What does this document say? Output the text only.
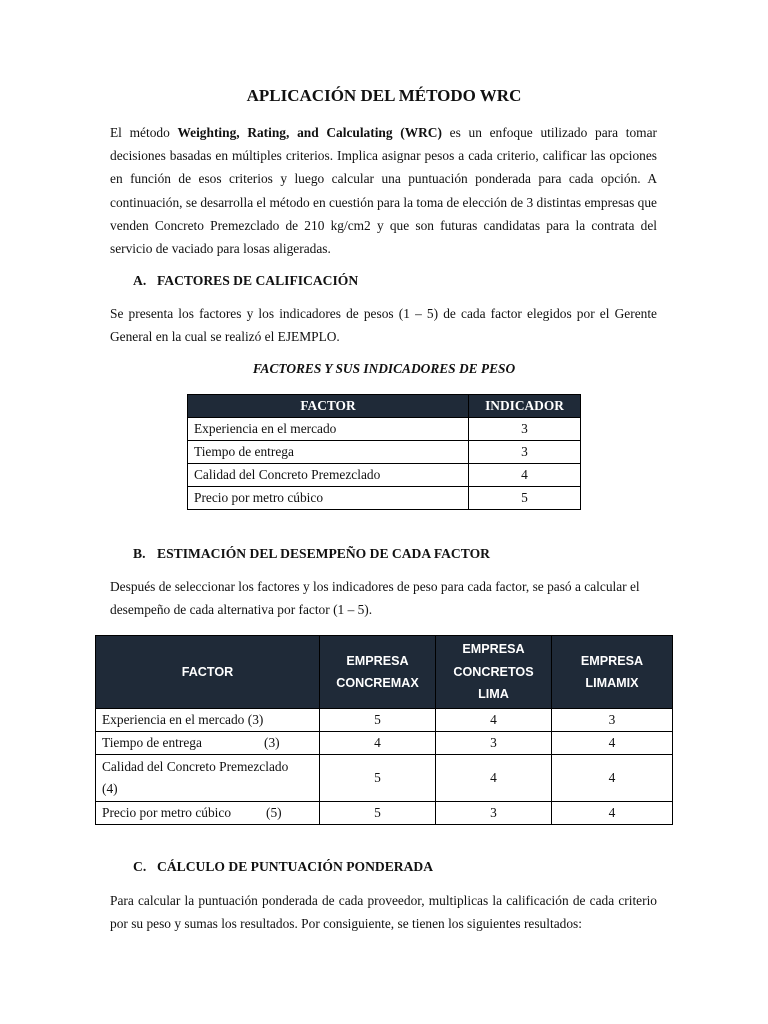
APLICACIÓN DEL MÉTODO WRC

El método Weighting, Rating, and Calculating (WRC) es un enfoque utilizado para tomar decisiones basadas en múltiples criterios. Implica asignar pesos a cada criterio, calificar las opciones en función de esos criterios y luego calcular una puntuación ponderada para cada opción. A continuación, se desarrolla el método en cuestión para la toma de elección de 3 distintas empresas que venden Concreto Premezclado de 210 kg/cm2 y que son futuras candidatas para la contrata del servicio de vaciado para losas aligeradas.

A. FACTORES DE CALIFICACIÓN

Se presenta los factores y los indicadores de pesos (1 – 5) de cada factor elegidos por el Gerente General en la cual se realizó el EJEMPLO.

FACTORES Y SUS INDICADORES DE PESO
FACTOR	INDICADOR
Experiencia en el mercado	3
Tiempo de entrega	3
Calidad del Concreto Premezclado	4
Precio por metro cúbico	5
B. ESTIMACIÓN DEL DESEMPEÑO DE CADA FACTOR

Después de seleccionar los factores y los indicadores de peso para cada factor, se pasó a calcular el desempeño de cada alternativa por factor (1 – 5).

FACTOR	EMPRESA CONCREMAX	EMPRESA CONCRETOS LIMA	EMPRESA LIMAMIX
Experiencia en el mercado (3)	5	4	3
Tiempo de entrega (3)	4	3	4
Calidad del Concreto Premezclado
(4)	5	4	4
Precio por metro cúbico (5)	5	3	4
C. CÁLCULO DE PUNTUACIÓN PONDERADA

Para calcular la puntuación ponderada de cada proveedor, multiplicas la calificación de cada criterio por su peso y sumas los resultados. Por consiguiente, se tienen los siguientes resultados:
